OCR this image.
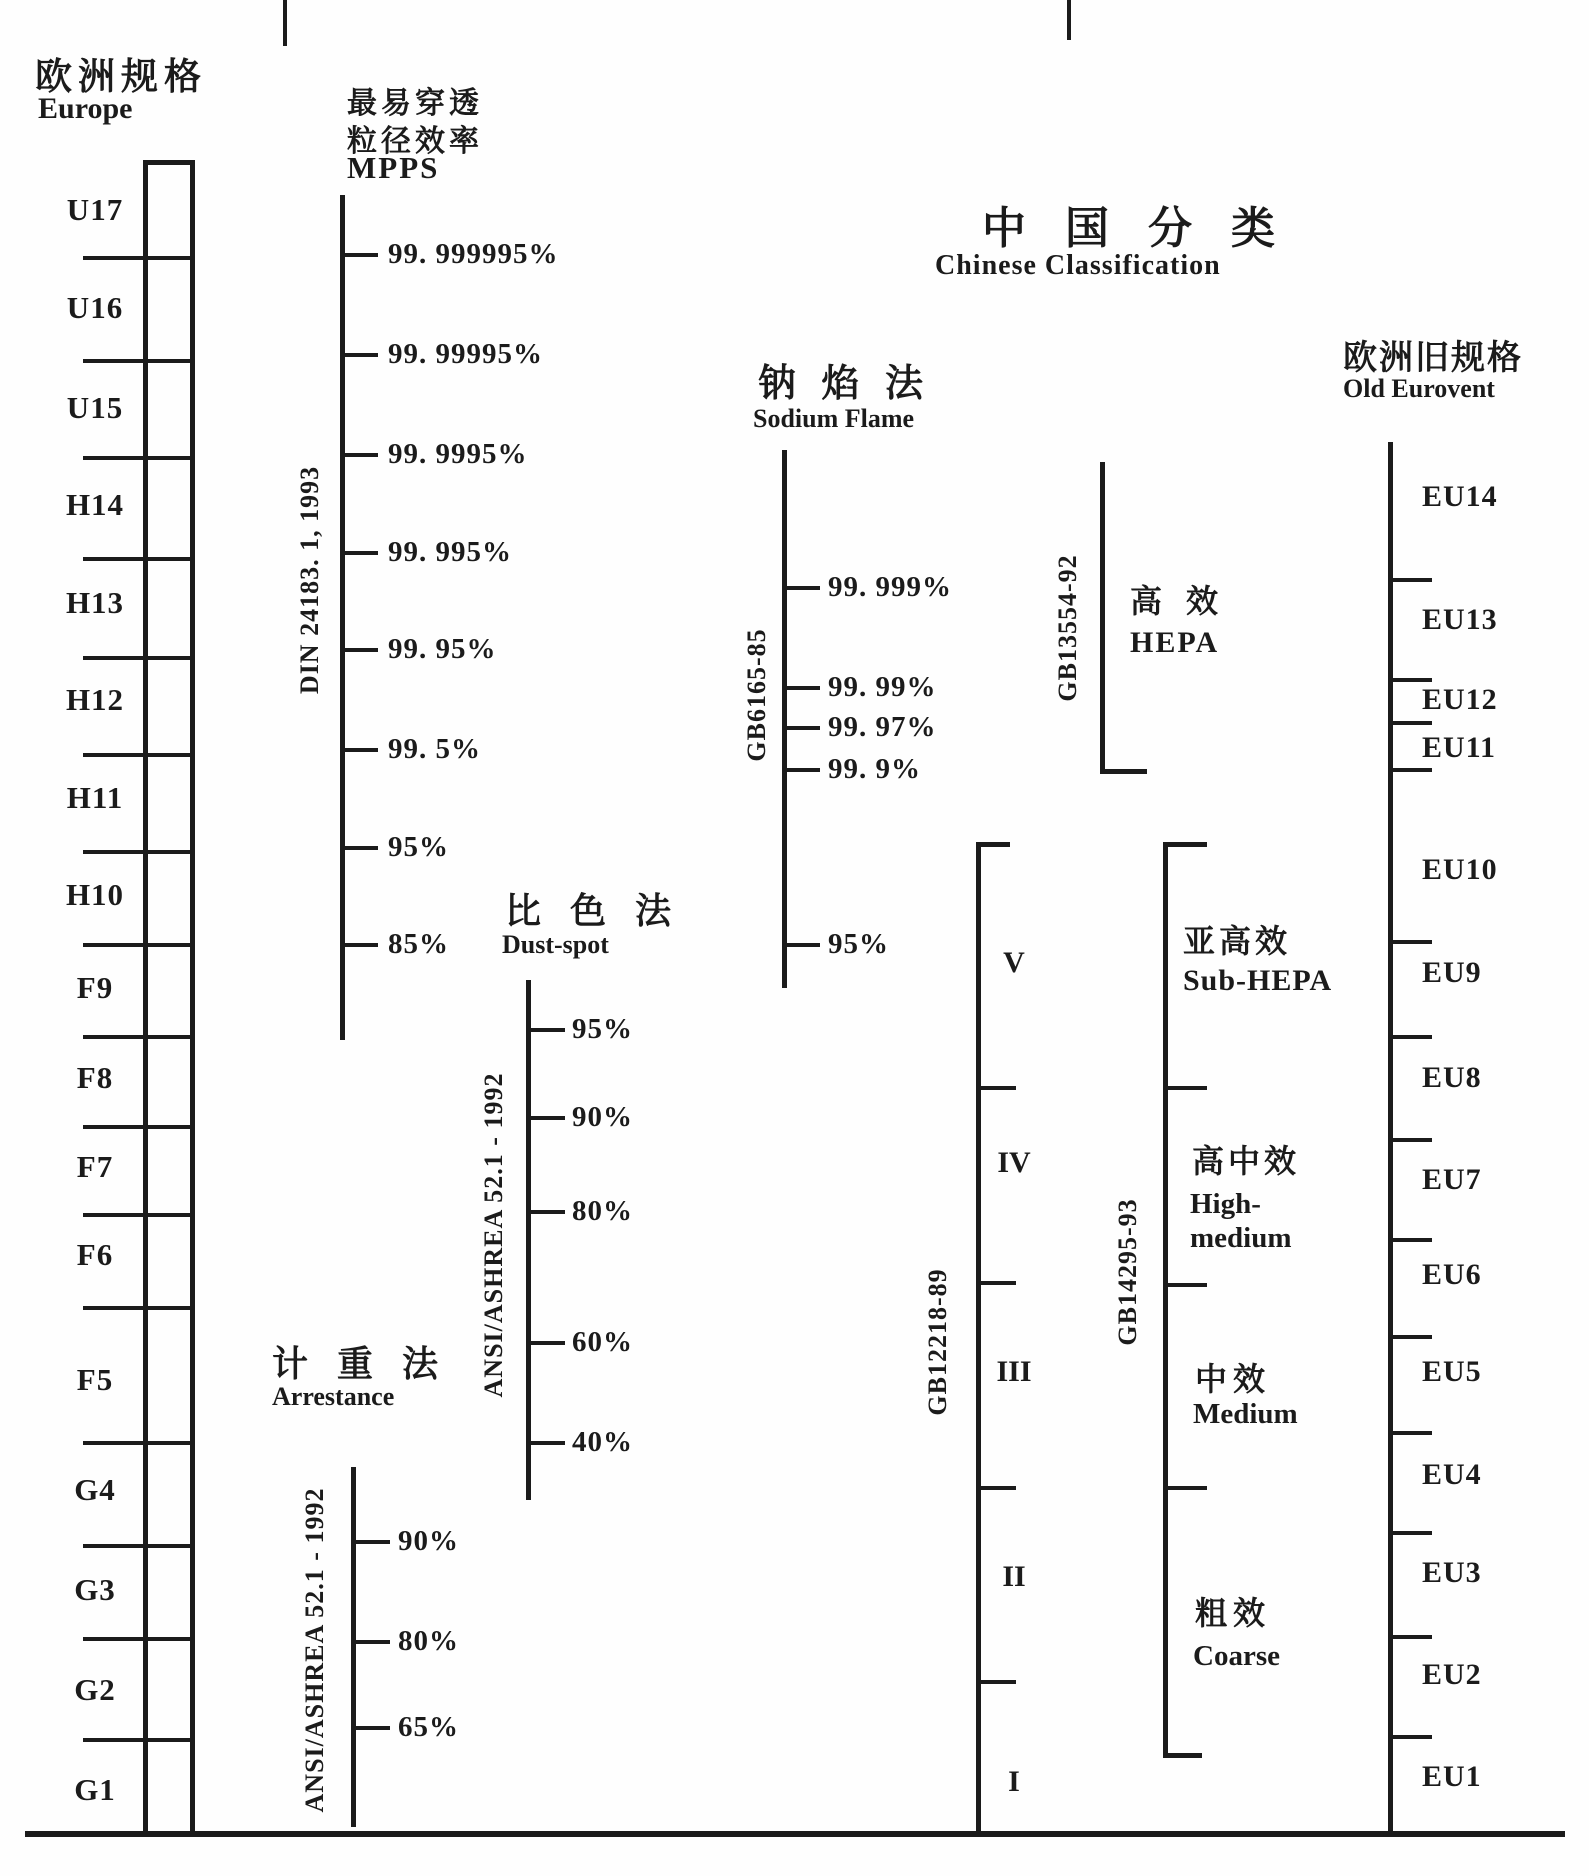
欧洲规格
Europe	最易穿透
粒径效率
MPPS
中 国 分 类
Chinese Classification
钠 焰 法
Sodium Flame
欧洲旧规格
Old Eurovent
比 色 法
Dust-spot
计 重 法
Arrestance
DIN 24183. 1, 1993
GB6165-85	GB13554-92 高 效
HEPA
GB12218-89	GB14295-93
亚高效
Sub-HEPA
高中效
High-
medium
中效
Medium
粗效
Coarse
ANSI/ASHREA 52.1 - 1992
ANSI/ASHREA 52.1 - 1992
U17
U16
U15
H14
H13
H12
H11
H10
F9
F8
F7
F6
F5
G4
G3
G2
G1
99. 999995%
99. 99995%
99. 9995%
99. 995%
99. 95%
99. 5%
95%
85%
99. 999%
99. 99%
99. 97%
99. 9%
95%
95%
90%
80%
60%
40%
90%
80%
65%
EU14
EU13
EU12
EU11
EU10
EU9
EU8
EU7
EU6
EU5
EU4
EU3
EU2
EU1
V
IV
III
II
I
